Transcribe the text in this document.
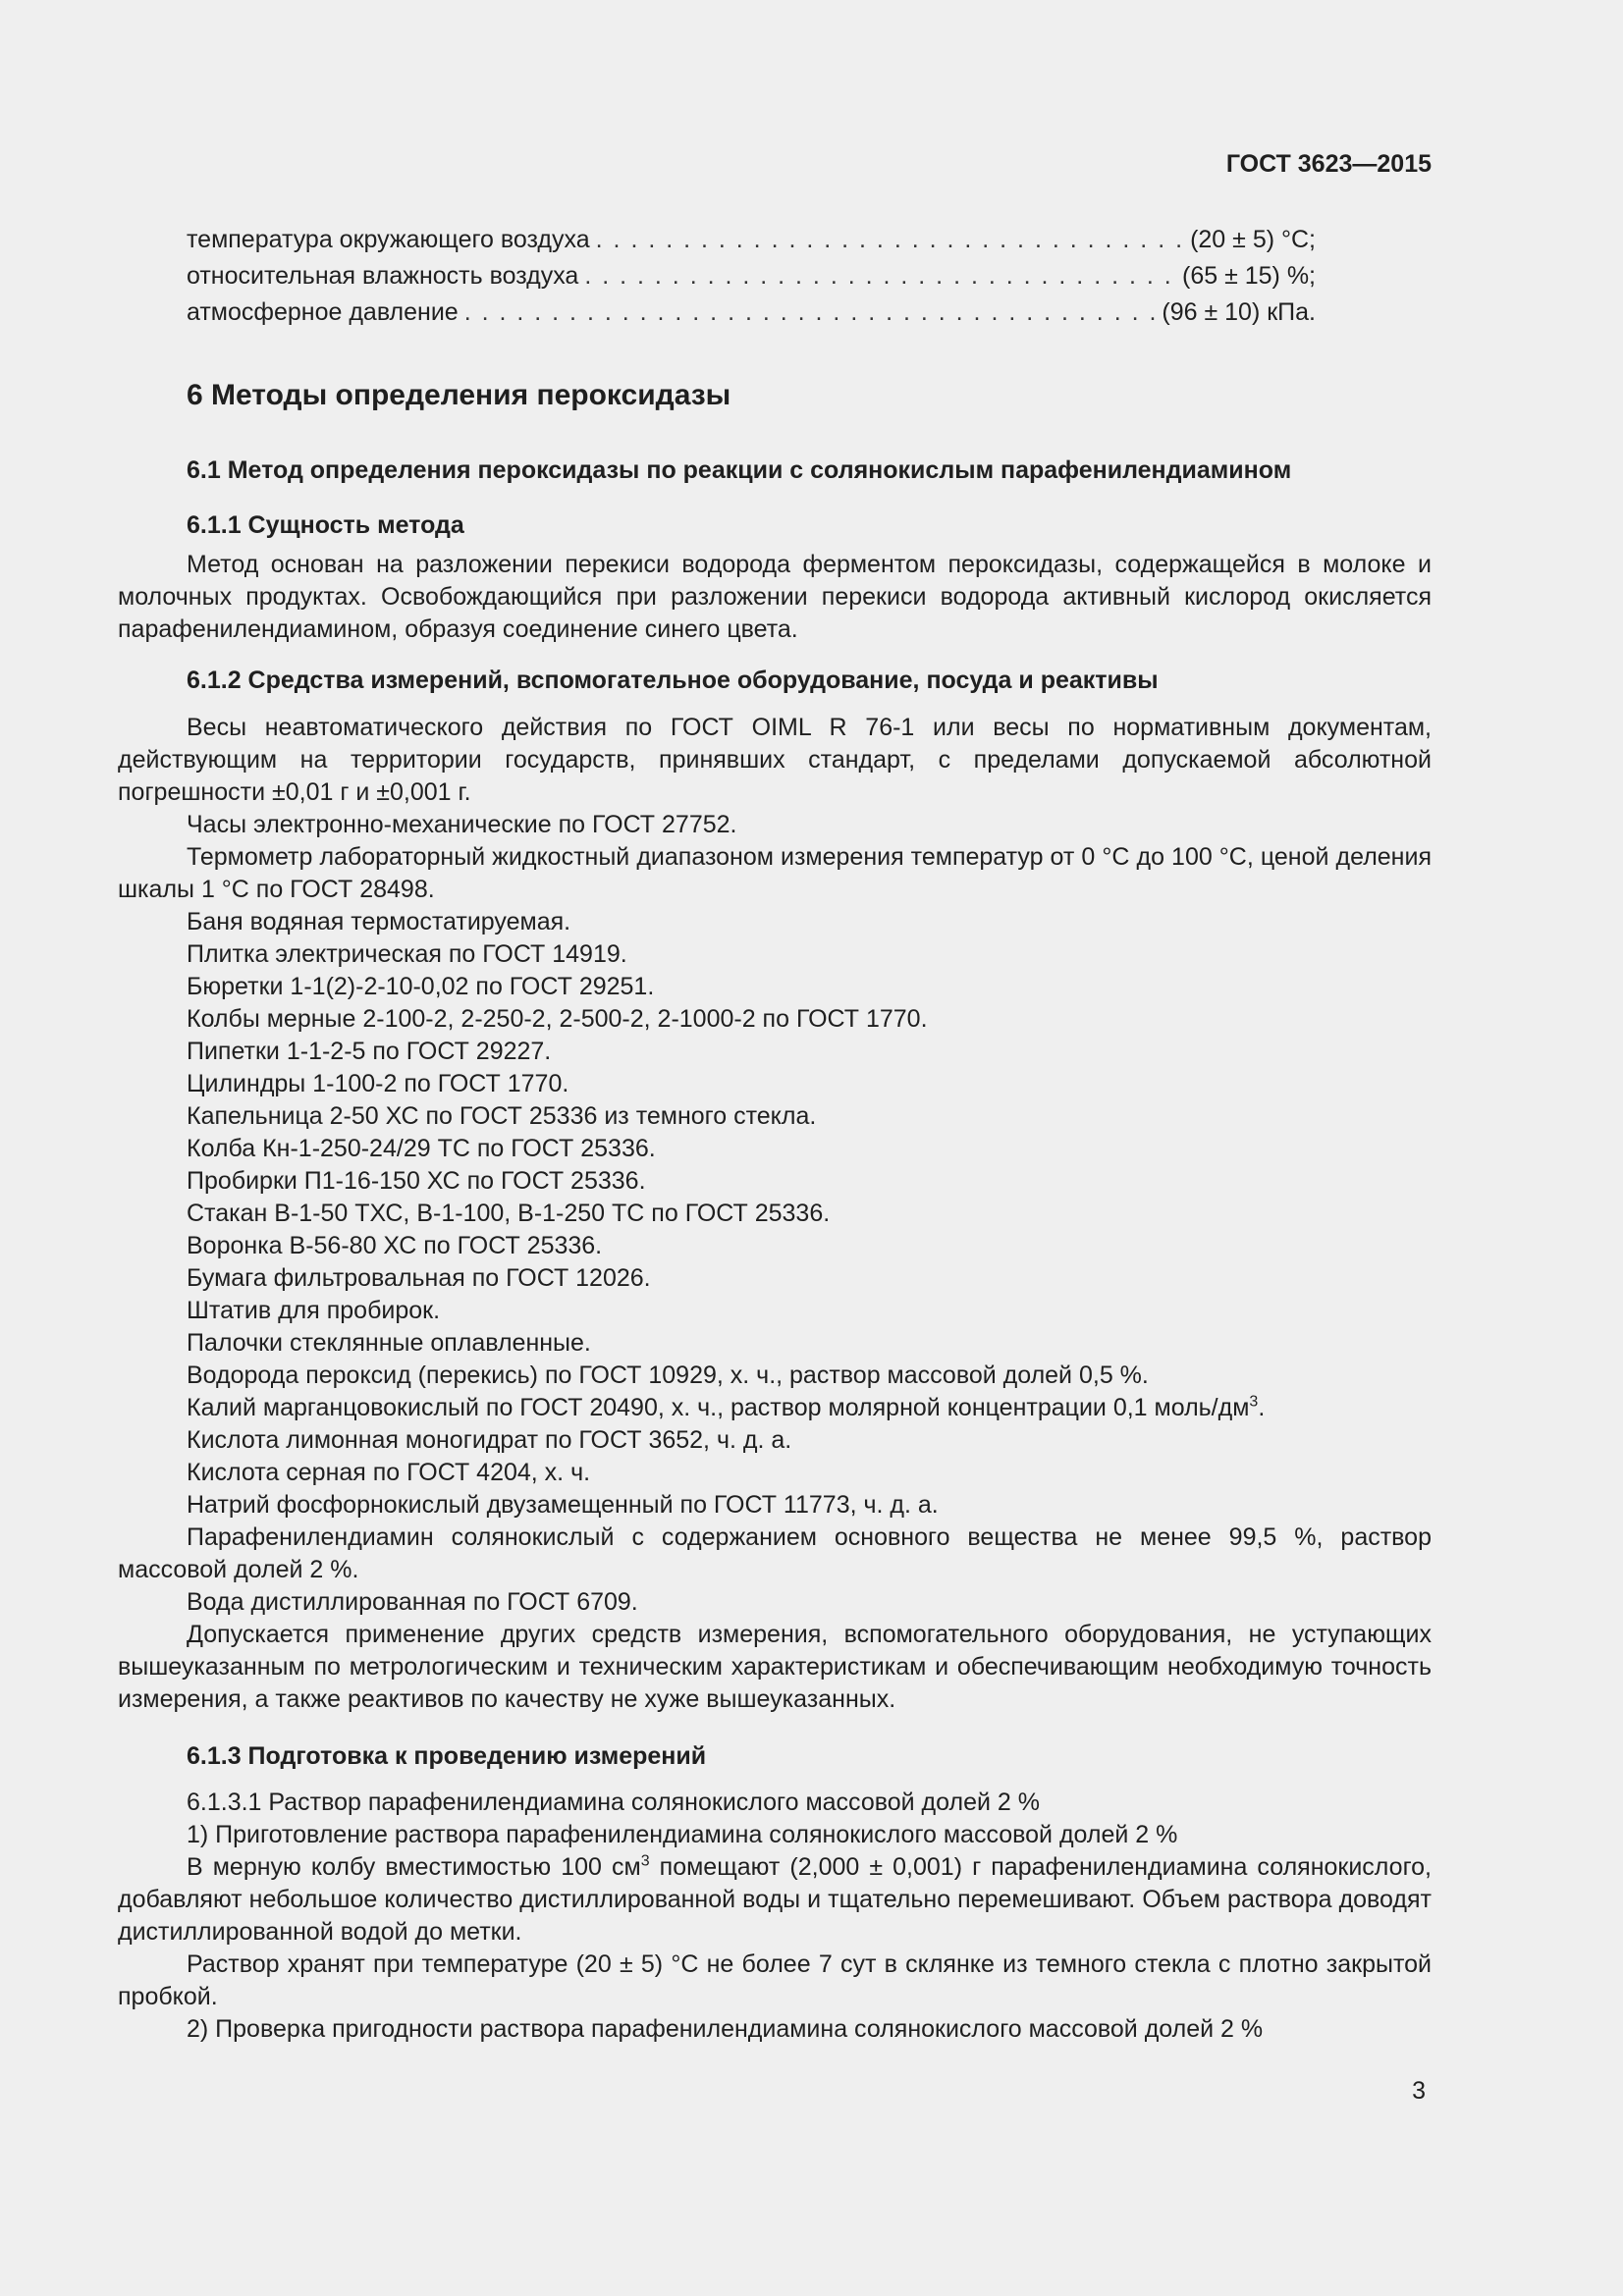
ГОСТ 3623—2015
температура окружающего воздуха . . .	(20 ± 5) °С;
относительная влажность воздуха . . .	(65 ± 15) %;
атмосферное давление . . .	(96 ± 10) кПа.
6 Методы определения пероксидазы
6.1 Метод определения пероксидазы по реакции с солянокислым парафенилендиамином
6.1.1 Сущность метода

Метод основан на разложении перекиси водорода ферментом пероксидазы, содержащейся в молоке и молочных продуктах. Освобождающийся при разложении перекиси водорода активный кислород окисляется парафенилендиамином, образуя соединение синего цвета.

6.1.2 Средства измерений, вспомогательное оборудование, посуда и реактивы

Весы неавтоматического действия по ГОСТ OIML R 76-1 или весы по нормативным документам, действующим на территории государств, принявших стандарт, с пределами допускаемой абсолютной погрешности ±0,01 г и ±0,001 г.

Часы электронно-механические по ГОСТ 27752.

Термометр лабораторный жидкостный диапазоном измерения температур от 0 °С до 100 °С, ценой деления шкалы 1 °С по ГОСТ 28498.

Баня водяная термостатируемая.

Плитка электрическая по ГОСТ 14919.

Бюретки 1-1(2)-2-10-0,02 по ГОСТ 29251.

Колбы мерные 2-100-2, 2-250-2, 2-500-2, 2-1000-2 по ГОСТ 1770.

Пипетки 1-1-2-5 по ГОСТ 29227.

Цилиндры 1-100-2 по ГОСТ 1770.

Капельница 2-50 ХС по ГОСТ 25336 из темного стекла.

Колба Кн-1-250-24/29 ТС по ГОСТ 25336.

Пробирки П1-16-150 ХС по ГОСТ 25336.

Стакан В-1-50 ТХС, В-1-100, В-1-250 ТС по ГОСТ 25336.

Воронка В-56-80 ХС по ГОСТ 25336.

Бумага фильтровальная по ГОСТ 12026.

Штатив для пробирок.

Палочки стеклянные оплавленные.

Водорода пероксид (перекись) по ГОСТ 10929, х. ч., раствор массовой долей 0,5 %.

Калий марганцовокислый по ГОСТ 20490, х. ч., раствор молярной концентрации 0,1 моль/$дм^3$.

Кислота лимонная моногидрат по ГОСТ 3652, ч. д. а.

Кислота серная по ГОСТ 4204, х. ч.

Натрий фосфорнокислый двузамещенный по ГОСТ 11773, ч. д. а.

Парафенилендиамин солянокислый с содержанием основного вещества не менее 99,5 %, раствор массовой долей 2 %.

Вода дистиллированная по ГОСТ 6709.

Допускается применение других средств измерения, вспомогательного оборудования, не уступающих вышеуказанным по метрологическим и техническим характеристикам и обеспечивающим необходимую точность измерения, а также реактивов по качеству не хуже вышеуказанных.

6.1.3 Подготовка к проведению измерений

6.1.3.1 Раствор парафенилендиамина солянокислого массовой долей 2 %

1) Приготовление раствора парафенилендиамина солянокислого массовой долей 2 %

В мерную колбу вместимостью 100 $см^3$ помещают (2,000 ± 0,001) г парафенилендиамина солянокислого, добавляют небольшое количество дистиллированной воды и тщательно перемешивают. Объем раствора доводят дистиллированной водой до метки.

Раствор хранят при температуре (20 ± 5) °С не более 7 сут в склянке из темного стекла с плотно закрытой пробкой.

2) Проверка пригодности раствора парафенилендиамина солянокислого массовой долей 2 %

3
